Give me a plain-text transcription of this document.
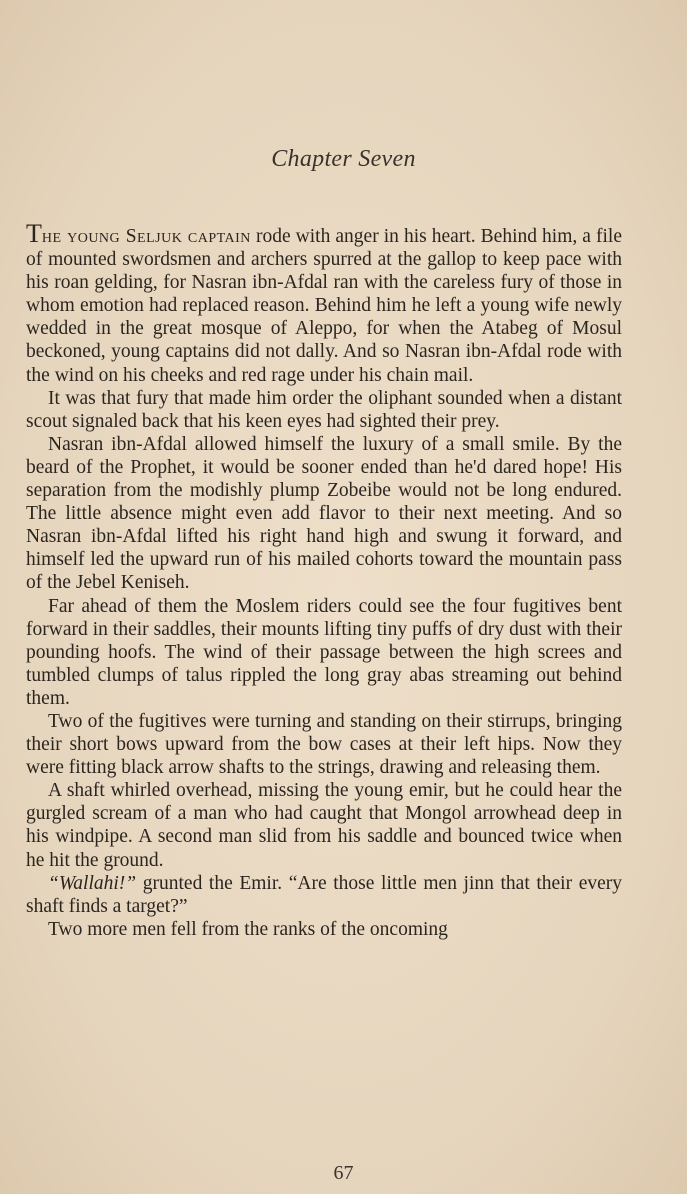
Chapter Seven

The young Seljuk captain rode with anger in his heart. Behind him, a file of mounted swordsmen and archers spurred at the gallop to keep pace with his roan gelding, for Nasran ibn-Afdal ran with the careless fury of those in whom emotion had replaced reason. Behind him he left a young wife newly wedded in the great mosque of Aleppo, for when the Atabeg of Mosul beckoned, young captains did not dally. And so Nasran ibn-Afdal rode with the wind on his cheeks and red rage under his chain mail.

It was that fury that made him order the oliphant sounded when a distant scout signaled back that his keen eyes had sighted their prey.

Nasran ibn-Afdal allowed himself the luxury of a small smile. By the beard of the Prophet, it would be sooner ended than he'd dared hope! His separation from the modishly plump Zobeibe would not be long endured. The little absence might even add flavor to their next meeting. And so Nasran ibn-Afdal lifted his right hand high and swung it forward, and himself led the upward run of his mailed cohorts toward the mountain pass of the Jebel Keniseh.

Far ahead of them the Moslem riders could see the four fugitives bent forward in their saddles, their mounts lifting tiny puffs of dry dust with their pounding hoofs. The wind of their passage between the high screes and tumbled clumps of talus rippled the long gray abas streaming out behind them.

Two of the fugitives were turning and standing on their stirrups, bringing their short bows upward from the bow cases at their left hips. Now they were fitting black arrow shafts to the strings, drawing and releasing them.

A shaft whirled overhead, missing the young emir, but he could hear the gurgled scream of a man who had caught that Mongol arrowhead deep in his windpipe. A second man slid from his saddle and bounced twice when he hit the ground.

“Wallahi!” grunted the Emir. “Are those little men jinn that their every shaft finds a target?”

Two more men fell from the ranks of the oncoming

67
